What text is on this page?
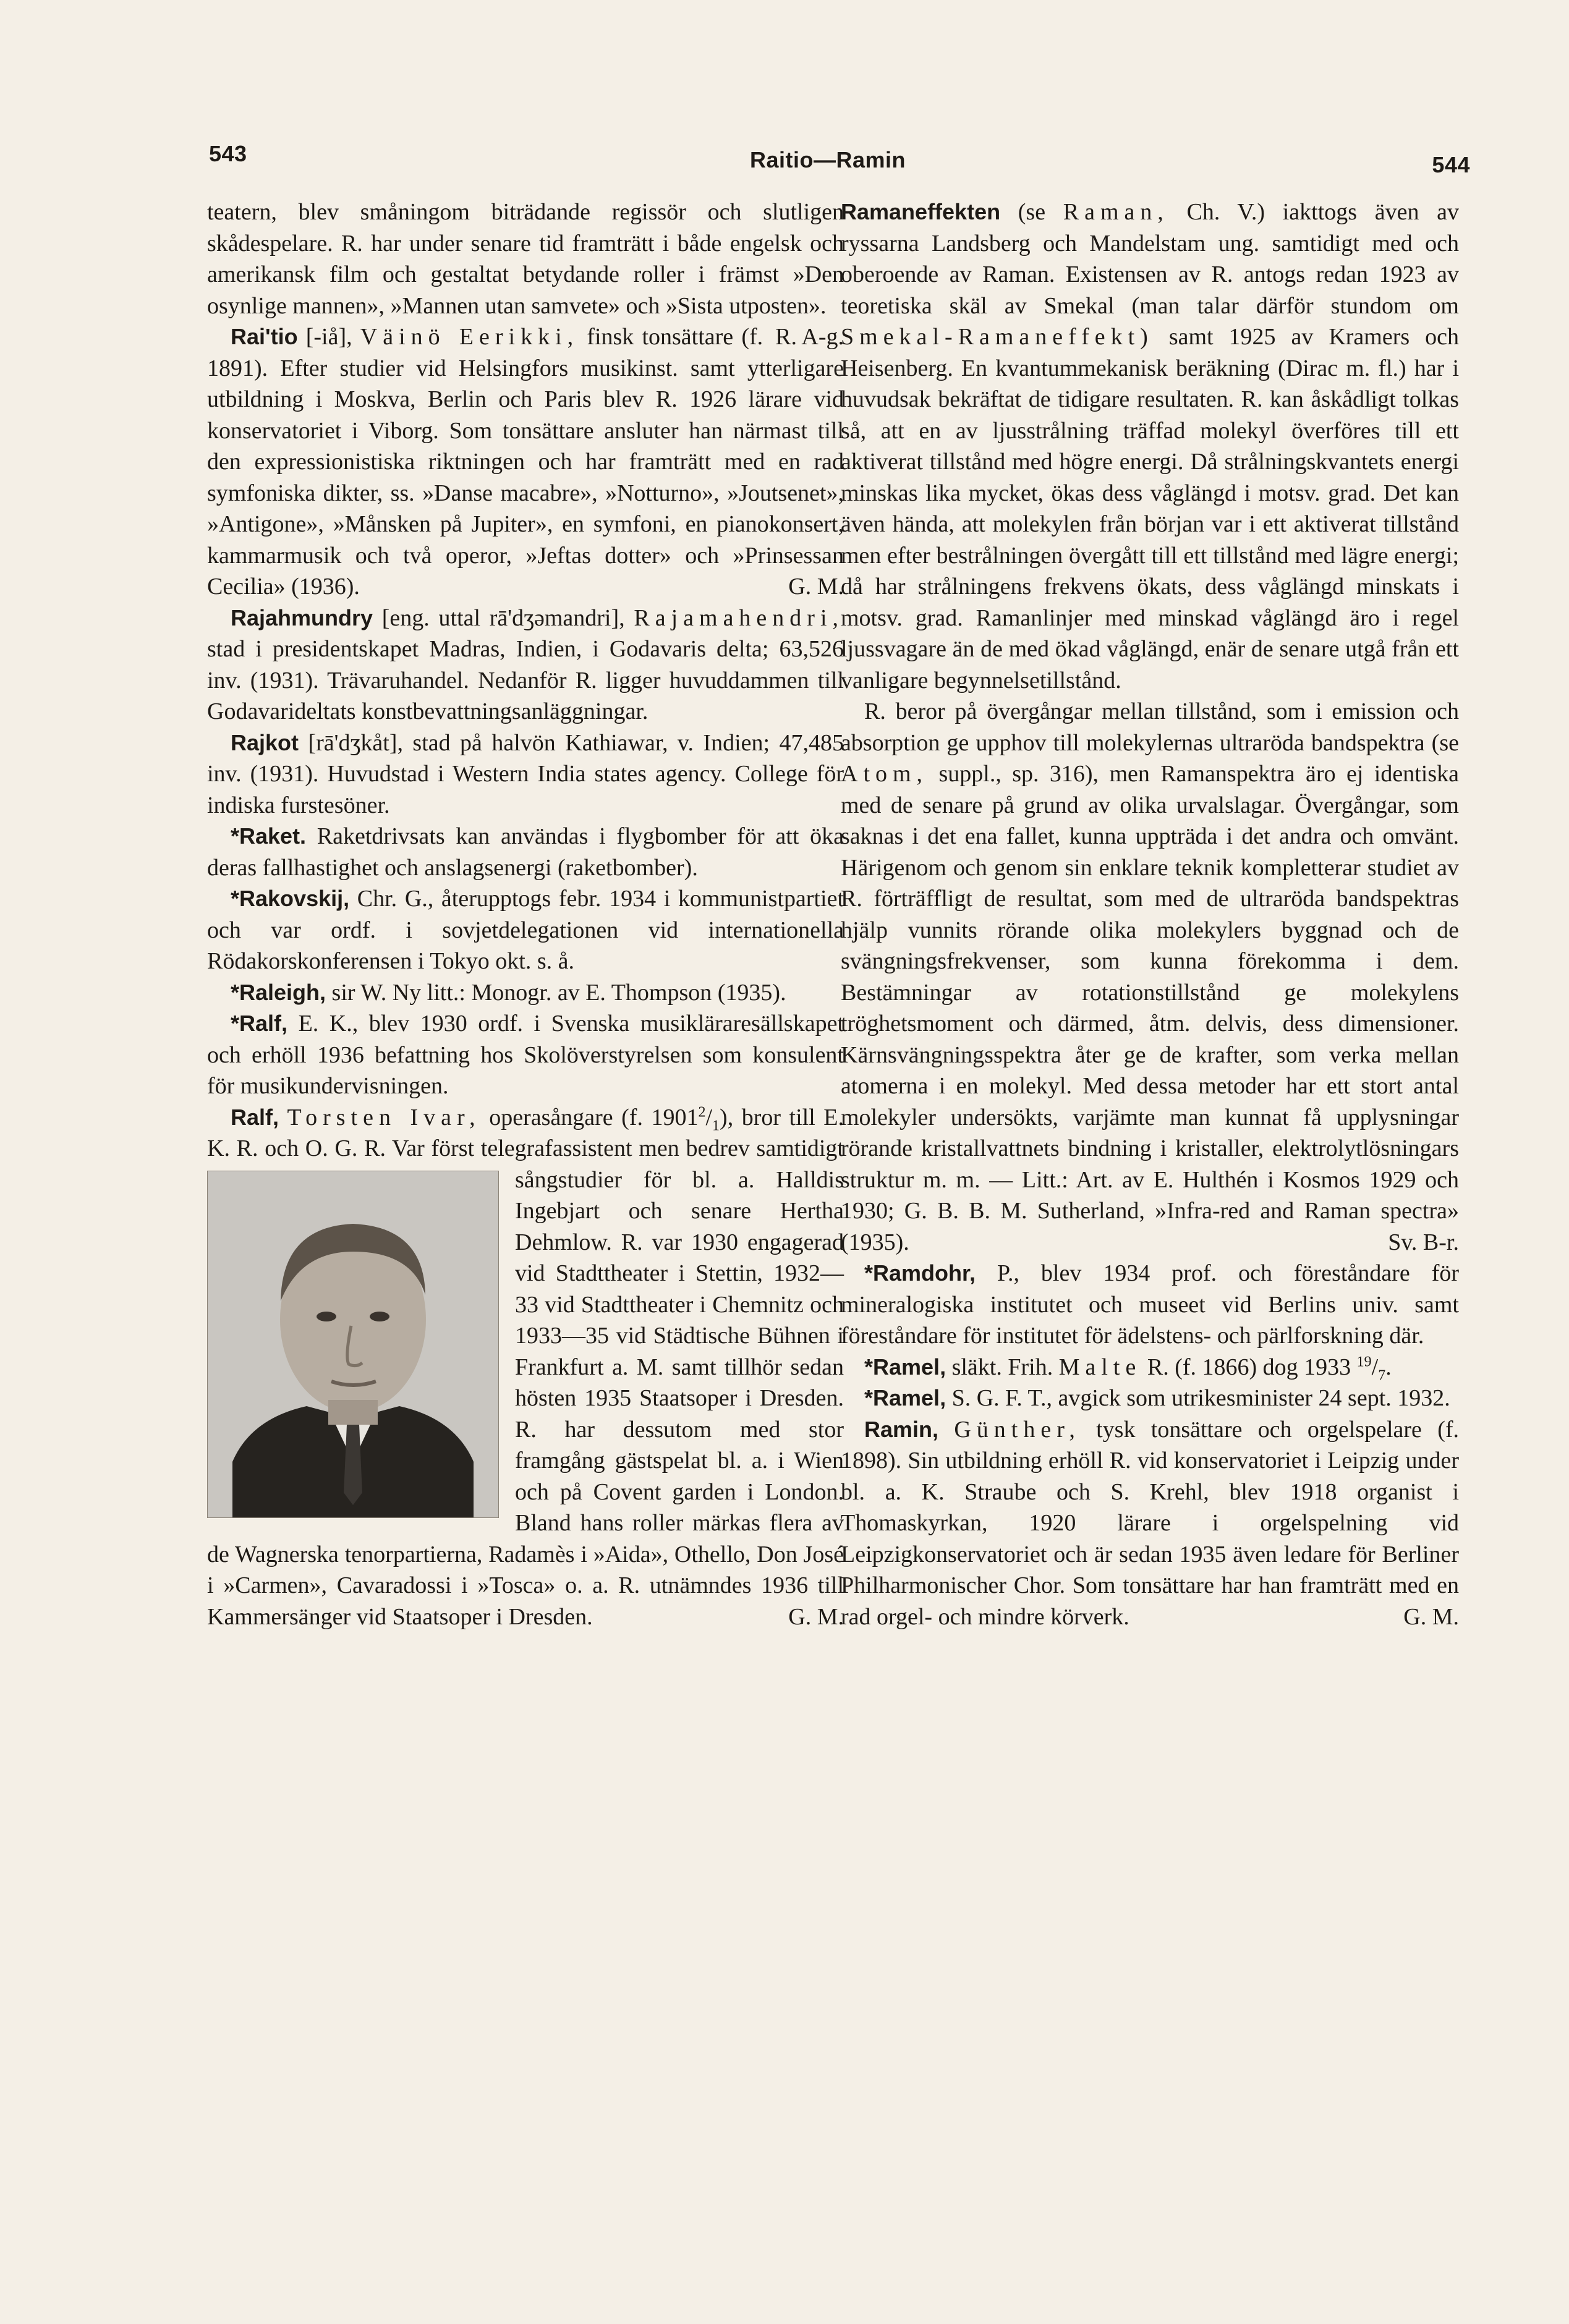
543	Raitio—Ramin	544

teatern, blev småningom biträdande regissör och slutligen skådespelare. R. har under senare tid framträtt i både engelsk och amerikansk film och gestaltat betydande roller i främst »Den osynlige mannen», »Mannen utan samvete» och »Sista utposten».
R. A-g.

Rai'tio [-iå], Väinö Eerikki, finsk tonsättare (f. 1891). Efter studier vid Helsingfors musikinst. samt ytterligare utbildning i Moskva, Berlin och Paris blev R. 1926 lärare vid konservatoriet i Viborg. Som tonsättare ansluter han närmast till den expressionistiska riktningen och har framträtt med en rad symfoniska dikter, ss. »Danse macabre», »Notturno», »Joutsenet», »Antigone», »Månsken på Jupiter», en symfoni, en pianokonsert, kammarmusik och två operor, »Jeftas dotter» och »Prinsessan Cecilia» (1936).	G. M.

Rajahmundry [eng. uttal rā'dʒəmandri], Rajamahendri, stad i presidentskapet Madras, Indien, i Godavaris delta; 63,526 inv. (1931). Trävaruhandel. Nedanför R. ligger huvuddammen till Godavarideltats konstbevattningsanläggningar.

Rajkot [rā'dʒkåt], stad på halvön Kathiawar, v. Indien; 47,485 inv. (1931). Huvudstad i Western India states agency. College för indiska furstesöner.

*Raket. Raketdrivsats kan användas i flygbomber för att öka deras fallhastighet och anslagsenergi (raketbomber).

*Rakovskij, Chr. G., återupptogs febr. 1934 i kommunistpartiet och var ordf. i sovjetdelegationen vid internationella Rödakorskonferensen i Tokyo okt. s. å.

*Raleigh, sir W. Ny litt.: Monogr. av E. Thompson (1935).

*Ralf, E. K., blev 1930 ordf. i Svenska musikläraresällskapet och erhöll 1936 befattning hos Skolöverstyrelsen som konsulent för musikundervisningen.

Ralf, Torsten Ivar, operasångare (f. $1901^2/_1$), bror till E. K. R. och O. G. R. Var först telegrafassistent men bedrev samtidigt sångstudier för bl. a.
Halldis Ingebjart och senare Hertha Dehmlow. R. var 1930 engagerad vid Stadttheater i Stettin, 1932—33 vid Stadttheater i Chemnitz och 1933—35 vid Städtische Bühnen i Frankfurt a. M. samt tillhör sedan hösten 1935 Staatsoper i Dresden. R. har dessutom med stor framgång gästspelat bl. a. i Wien och på Covent garden i London. Bland hans roller märkas flera av de Wagnerska tenorpartierna, Radamès i »Aida», Othello, Don José i »Carmen», Cavaradossi i »Tosca» o. a. R. utnämndes 1936 till Kammersänger vid Staatsoper i Dresden.	G. M.

Ramaneffekten (se Raman, Ch. V.) iakttogs även av ryssarna Landsberg och Mandelstam ung. samtidigt med och oberoende av Raman. Existensen av R. antogs redan 1923 av teoretiska skäl av Smekal (man talar därför stundom om Smekal-Ramaneffekt) samt 1925 av Kramers och Heisenberg. En kvantummekanisk beräkning (Dirac m. fl.) har i huvudsak bekräftat de tidigare resultaten. R. kan åskådligt tolkas så, att en av ljusstrålning träffad molekyl överföres till ett aktiverat tillstånd med högre energi. Då strålningskvantets energi minskas lika mycket, ökas dess våglängd i motsv. grad. Det kan även hända, att molekylen från början var i ett aktiverat tillstånd men efter bestrålningen övergått till ett tillstånd med lägre energi; då har strålningens frekvens ökats, dess våglängd minskats i motsv. grad. Ramanlinjer med minskad våglängd äro i regel ljussvagare än de med ökad våglängd, enär de senare utgå från ett vanligare begynnelsetillstånd.

R. beror på övergångar mellan tillstånd, som i emission och absorption ge upphov till molekylernas ultraröda bandspektra (se Atom, suppl., sp. 316), men Ramanspektra äro ej identiska med de senare på grund av olika urvalslagar. Övergångar, som saknas i det ena fallet, kunna uppträda i det andra och omvänt. Härigenom och genom sin enklare teknik kompletterar studiet av R. förträffligt de resultat, som med de ultraröda bandspektras hjälp vunnits rörande olika molekylers byggnad och de svängningsfrekvenser, som kunna förekomma i dem. Bestämningar av rotationstillstånd ge molekylens tröghetsmoment och därmed, åtm. delvis, dess dimensioner. Kärnsvängningsspektra åter ge de krafter, som verka mellan atomerna i en molekyl. Med dessa metoder har ett stort antal molekyler undersökts, varjämte man kunnat få upplysningar rörande kristallvattnets bindning i kristaller, elektrolytlösningars struktur m. m. — Litt.: Art. av E. Hulthén i Kosmos 1929 och 1930; G. B. B. M. Sutherland, »Infra-red and Raman spectra» (1935).	Sv. B-r.

*Ramdohr, P., blev 1934 prof. och föreståndare för mineralogiska institutet och museet vid Berlins univ. samt föreståndare för institutet för ädelstens- och pärlforskning där.

*Ramel, släkt. Frih. Malte R. (f. 1866) dog 1933 $^{19}/_7$.

*Ramel, S. G. F. T., avgick som utrikesminister 24 sept. 1932.

Ramin, Günther, tysk tonsättare och orgelspelare (f. 1898). Sin utbildning erhöll R. vid konservatoriet i Leipzig under bl. a. K. Straube och S. Krehl, blev 1918 organist i Thomaskyrkan, 1920 lärare i orgelspelning vid Leipzigkonservatoriet och är sedan 1935 även ledare för Berliner Philharmonischer Chor. Som tonsättare har han framträtt med en rad orgel- och mindre körverk.	G. M.
